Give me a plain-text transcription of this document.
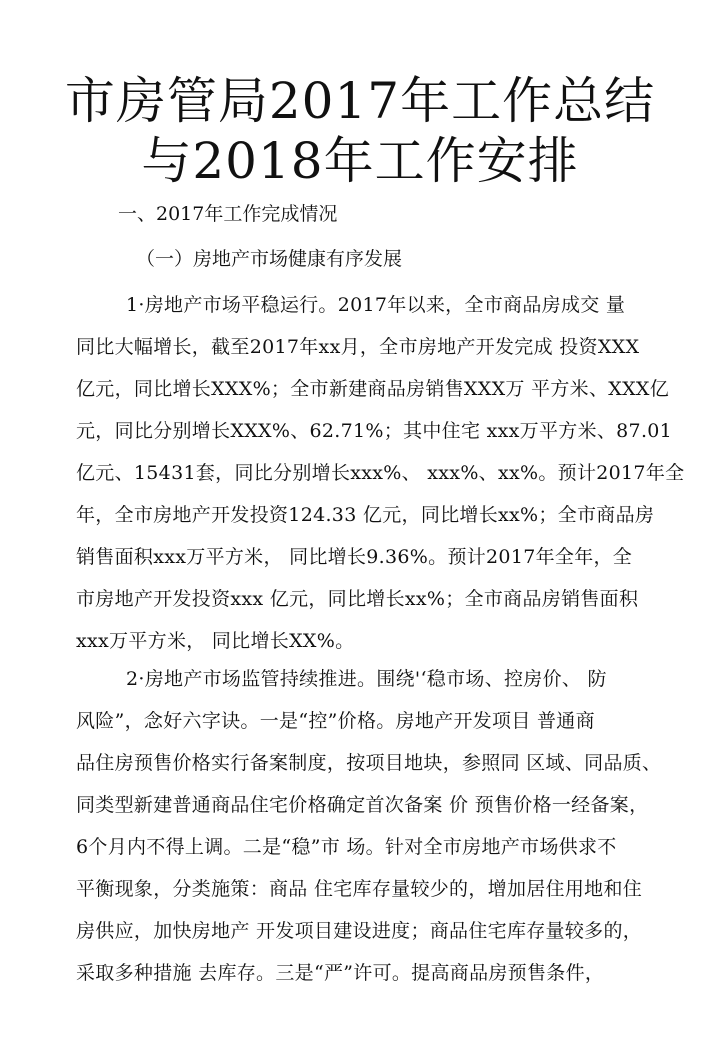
市房管局2017年工作总结
与2018年工作安排

一、2017年工作完成情况

（一）房地产市场健康有序发展

1·房地产市场平稳运行。2017年以来，全市商品房成交 量
同比大幅增长，截至2017年xx月，全市房地产开发完成 投资XXX
亿元，同比增长XXX%；全市新建商品房销售XXX万 平方米、XXX亿
元，同比分别增长XXX%、62.71%；其中住宅 xxx万平方米、87.01
亿元、15431套，同比分别增长xxx%、 xxx%、xx%。预计2017年全
年，全市房地产开发投资124.33 亿元，同比增长xx%；全市商品房
销售面积xxx万平方米， 同比增长9.36%。预计2017年全年，全
市房地产开发投资xxx 亿元，同比增长xx%；全市商品房销售面积
xxx万平方米， 同比增长XX%。
2·房地产市场监管持续推进。围绕'‘稳市场、控房价、 防
风险”，念好六字诀。一是“控”价格。房地产开发项目 普通商
品住房预售价格实行备案制度，按项目地块，参照同 区域、同品质、
同类型新建普通商品住宅价格确定首次备案 价 预售价格一经备案，
6个月内不得上调。二是“稳”市 场。针对全市房地产市场供求不
平衡现象，分类施策：商品 住宅库存量较少的，增加居住用地和住
房供应，加快房地产 开发项目建设进度；商品住宅库存量较多的，
采取多种措施 去库存。三是“严”许可。提高商品房预售条件，
